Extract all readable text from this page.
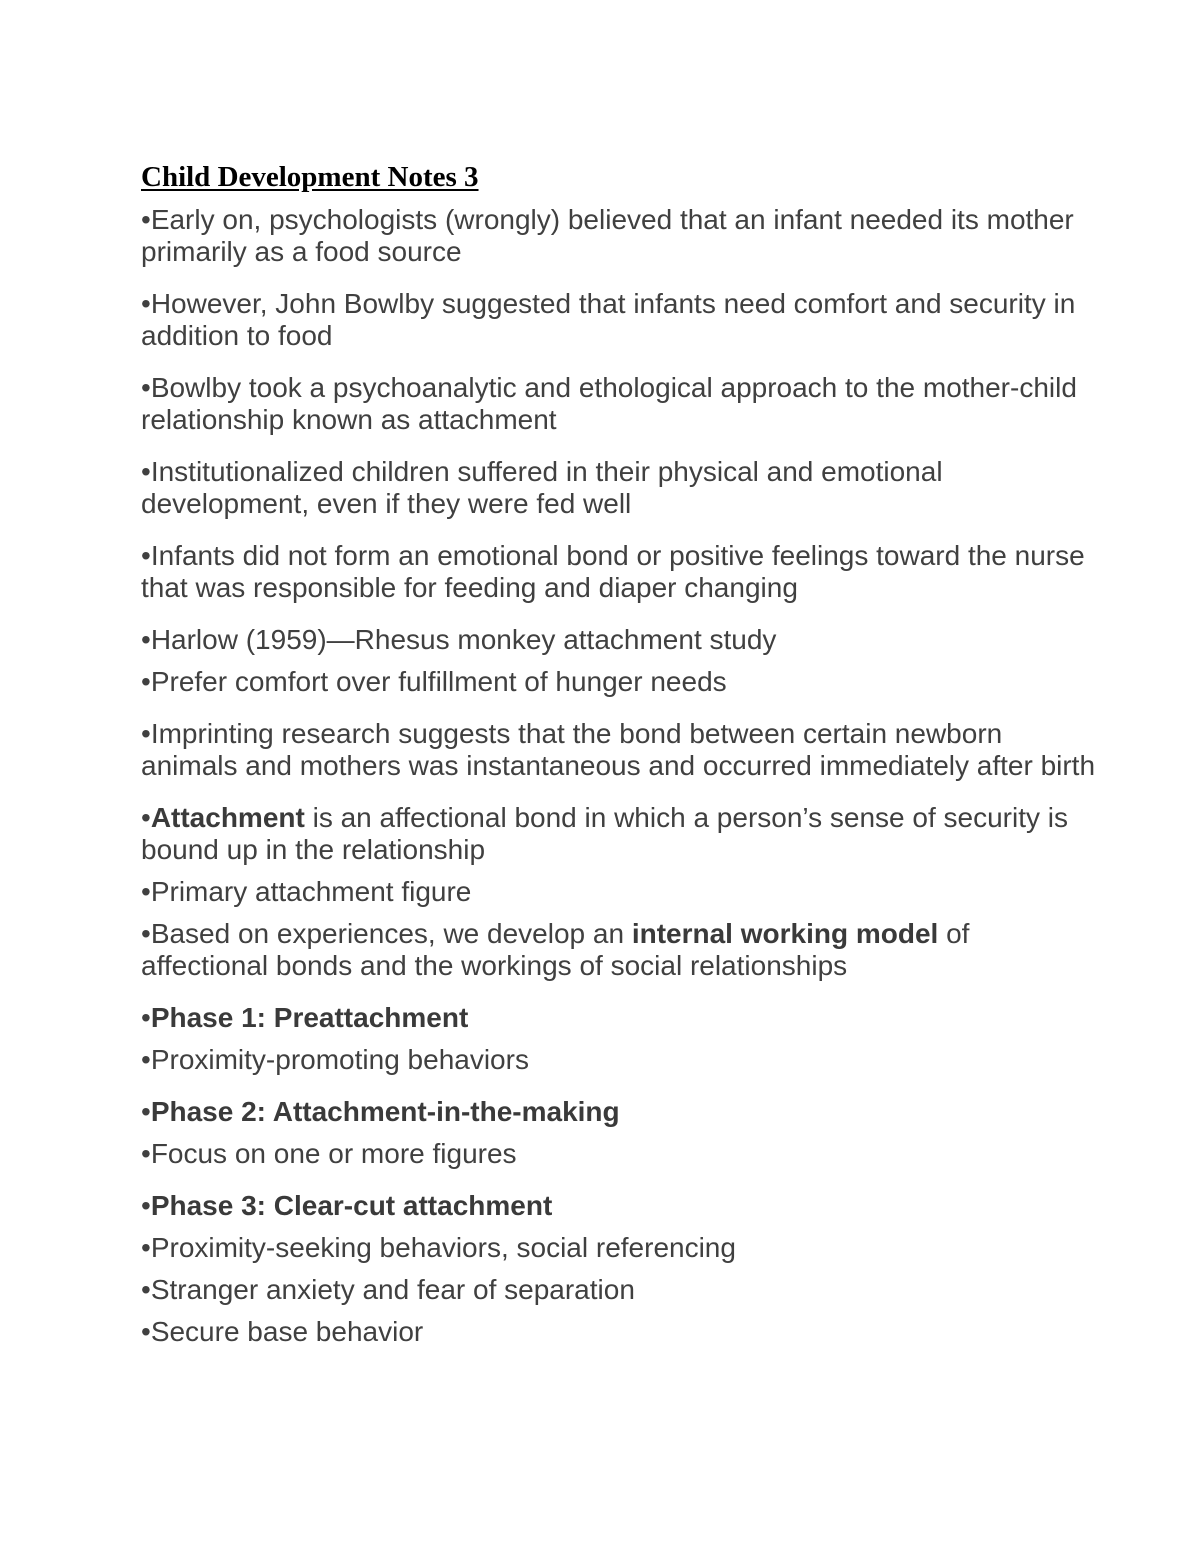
Child Development Notes 3

•Early on, psychologists (wrongly) believed that an infant needed its mother primarily as a food source

•However, John Bowlby suggested that infants need comfort and security in addition to food

•Bowlby took a psychoanalytic and ethological approach to the mother-child relationship known as attachment

•Institutionalized children suffered in their physical and emotional development, even if they were fed well

•Infants did not form an emotional bond or positive feelings toward the nurse that was responsible for feeding and diaper changing

•Harlow (1959)—Rhesus monkey attachment study

•Prefer comfort over fulfillment of hunger needs

•Imprinting research suggests that the bond between certain newborn animals and mothers was instantaneous and occurred immediately after birth

•Attachment is an affectional bond in which a person’s sense of security is bound up in the relationship

•Primary attachment figure

•Based on experiences, we develop an internal working model of affectional bonds and the workings of social relationships

•Phase 1: Preattachment

•Proximity-promoting behaviors

•Phase 2: Attachment-in-the-making

•Focus on one or more figures

•Phase 3: Clear-cut attachment

•Proximity-seeking behaviors, social referencing

•Stranger anxiety and fear of separation

•Secure base behavior
